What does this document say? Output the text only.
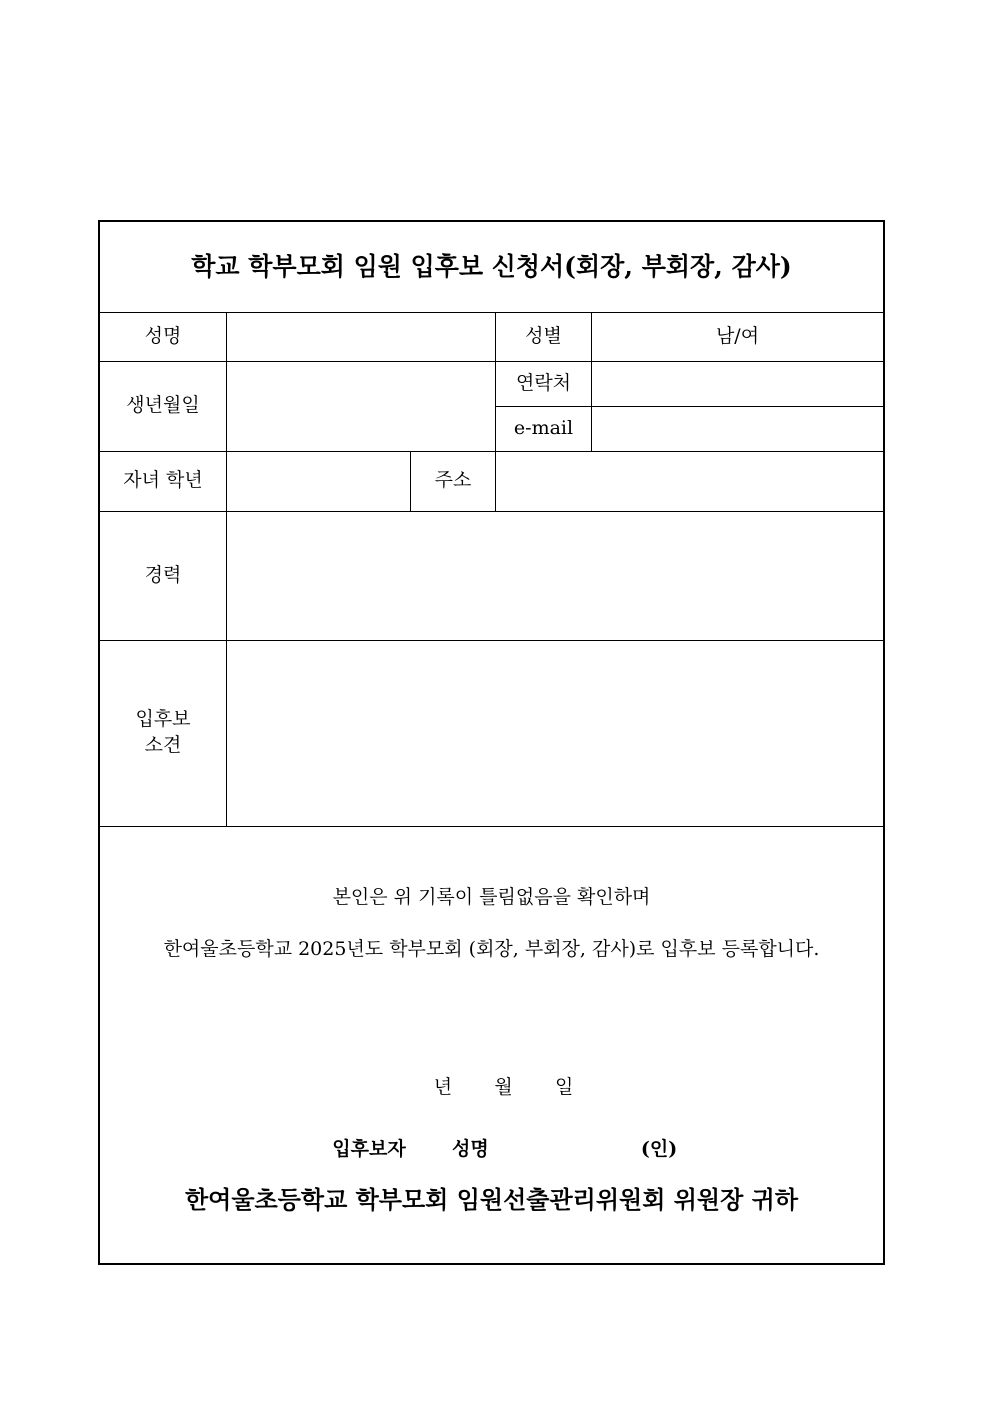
학교 학부모회 임원 입후보 신청서(회장, 부회장, 감사)
성명	성별	남/여
생년월일
연락처
e-mail
자녀 학년	주소
경력
입후보
소견
본인은 위 기록이 틀림없음을 확인하며
한여울초등학교 2025년도 학부모회 (회장, 부회장, 감사)로 입후보 등록합니다.

년 월 일

입후보자 성명	(인)

한여울초등학교 학부모회 임원선출관리위원회 위원장 귀하
